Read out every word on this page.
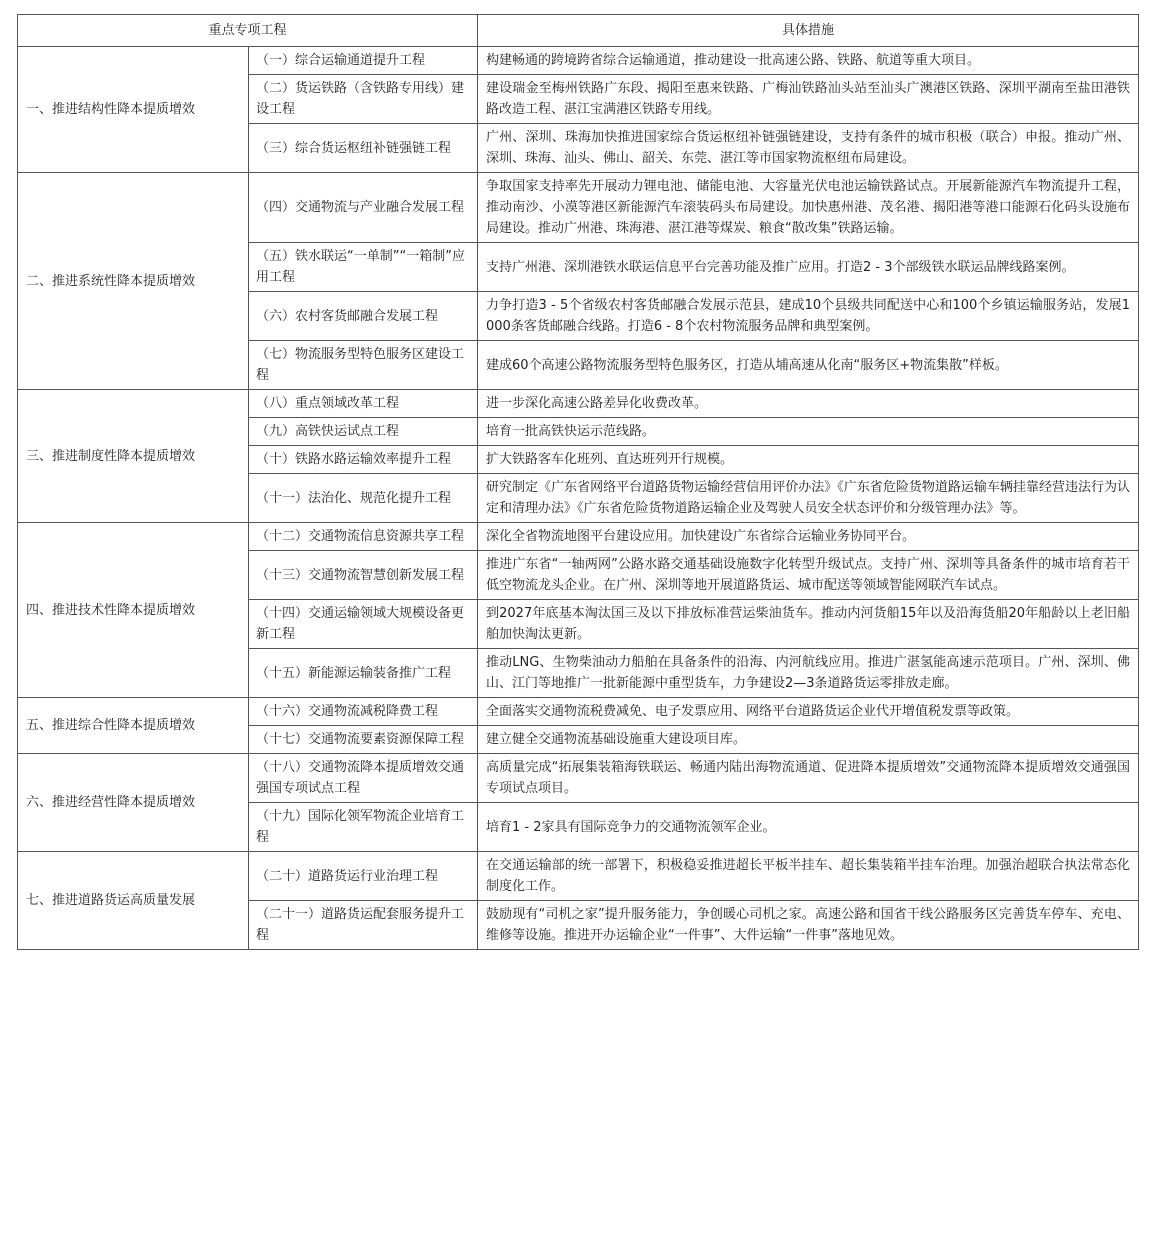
重点专项工程		具体措施
一、推进结构性降本提质增效	（一）综合运输通道提升工程	构建畅通的跨境跨省综合运输通道，推动建设一批高速公路、铁路、航道等重大项目。
	（二）货运铁路（含铁路专用线）建设工程	建设瑞金至梅州铁路广东段、揭阳至惠来铁路、广梅汕铁路汕头站至汕头广澳港区铁路、深圳平湖南至盐田港铁路改造工程、湛江宝满港区铁路专用线。
	（三）综合货运枢纽补链强链工程	广州、深圳、珠海加快推进国家综合货运枢纽补链强链建设，支持有条件的城市积极（联合）申报。推动广州、深圳、珠海、汕头、佛山、韶关、东莞、湛江等市国家物流枢纽布局建设。
二、推进系统性降本提质增效	（四）交通物流与产业融合发展工程	争取国家支持率先开展动力锂电池、储能电池、大容量光伏电池运输铁路试点。开展新能源汽车物流提升工程，推动南沙、小漠等港区新能源汽车滚装码头布局建设。加快惠州港、茂名港、揭阳港等港口能源石化码头设施布局建设。推动广州港、珠海港、湛江港等煤炭、粮食“散改集”铁路运输。
	（五）铁水联运“一单制”“一箱制”应用工程	支持广州港、深圳港铁水联运信息平台完善功能及推广应用。打造2 - 3个部级铁水联运品牌线路案例。
	（六）农村客货邮融合发展工程	力争打造3 - 5个省级农村客货邮融合发展示范县，建成10个县级共同配送中心和100个乡镇运输服务站，发展1000条客货邮融合线路。打造6 - 8个农村物流服务品牌和典型案例。
	（七）物流服务型特色服务区建设工程	建成60个高速公路物流服务型特色服务区，打造从埔高速从化南“服务区+物流集散”样板。
三、推进制度性降本提质增效	（八）重点领域改革工程	进一步深化高速公路差异化收费改革。
	（九）高铁快运试点工程	培育一批高铁快运示范线路。
	（十）铁路水路运输效率提升工程	扩大铁路客车化班列、直达班列开行规模。
	（十一）法治化、规范化提升工程	研究制定《广东省网络平台道路货物运输经营信用评价办法》《广东省危险货物道路运输车辆挂靠经营违法行为认定和清理办法》《广东省危险货物道路运输企业及驾驶人员安全状态评价和分级管理办法》等。
四、推进技术性降本提质增效	（十二）交通物流信息资源共享工程	深化全省物流地图平台建设应用。加快建设广东省综合运输业务协同平台。
	（十三）交通物流智慧创新发展工程	推进广东省“一轴两网”公路水路交通基础设施数字化转型升级试点。支持广州、深圳等具备条件的城市培育若干低空物流龙头企业。在广州、深圳等地开展道路货运、城市配送等领域智能网联汽车试点。
	（十四）交通运输领域大规模设备更新工程	到2027年底基本淘汰国三及以下排放标准营运柴油货车。推动内河货船15年以及沿海货船20年船龄以上老旧船舶加快淘汰更新。
	（十五）新能源运输装备推广工程	推动LNG、生物柴油动力船舶在具备条件的沿海、内河航线应用。推进广湛氢能高速示范项目。广州、深圳、佛山、江门等地推广一批新能源中重型货车，力争建设2—3条道路货运零排放走廊。
五、推进综合性降本提质增效	（十六）交通物流减税降费工程	全面落实交通物流税费减免、电子发票应用、网络平台道路货运企业代开增值税发票等政策。
	（十七）交通物流要素资源保障工程	建立健全交通物流基础设施重大建设项目库。
六、推进经营性降本提质增效	（十八）交通物流降本提质增效交通强国专项试点工程	高质量完成“拓展集装箱海铁联运、畅通内陆出海物流通道、促进降本提质增效”交通物流降本提质增效交通强国专项试点项目。
	（十九）国际化领军物流企业培育工程	培育1 - 2家具有国际竞争力的交通物流领军企业。
七、推进道路货运高质量发展	（二十）道路货运行业治理工程	在交通运输部的统一部署下，积极稳妥推进超长平板半挂车、超长集装箱半挂车治理。加强治超联合执法常态化制度化工作。
	（二十一）道路货运配套服务提升工程	鼓励现有“司机之家”提升服务能力，争创暖心司机之家。高速公路和国省干线公路服务区完善货车停车、充电、维修等设施。推进开办运输企业“一件事”、大件运输“一件事”落地见效。
